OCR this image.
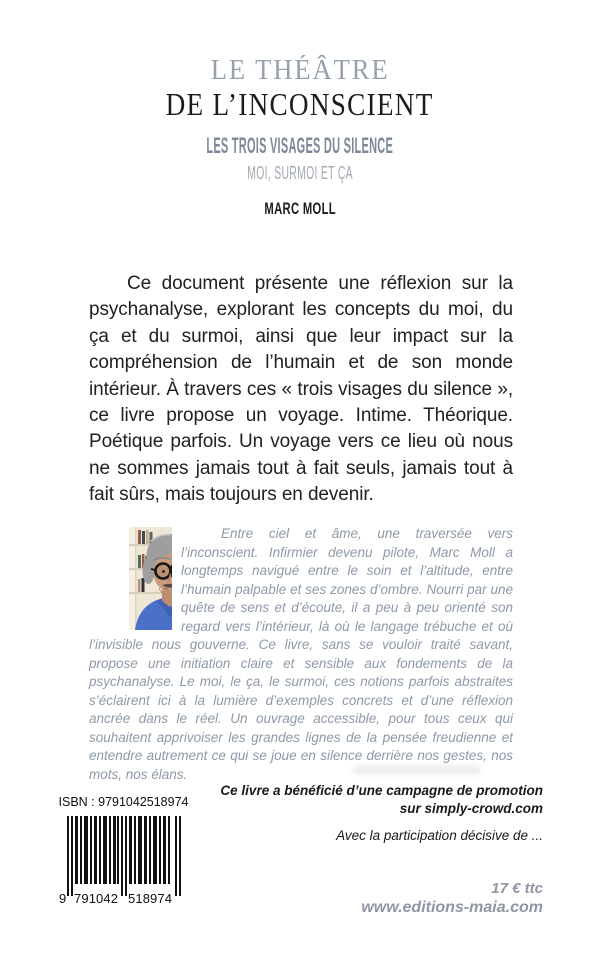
LE THÉÂTRE
DE L’INCONSCIENT
LES TROIS VISAGES DU SILENCE
MOI, SURMOI ET ÇA
MARC MOLL

Ce document présente une réflexion sur la psychanalyse, explorant les concepts du moi, du ça et du surmoi, ainsi que leur impact sur la compréhension de l’humain et de son monde intérieur. À travers ces « trois visages du silence », ce livre propose un voyage. Intime. Théorique. Poétique parfois. Un voyage vers ce lieu où nous ne sommes jamais tout à fait seuls, jamais tout à fait sûrs, mais toujours en devenir.

Entre ciel et âme, une traversée vers l’inconscient. Infirmier devenu pilote, Marc Moll a longtemps navigué entre le soin et l’altitude, entre l’humain palpable et ses zones d’ombre. Nourri par une quête de sens et d’écoute, il a peu à peu orienté son regard vers l’intérieur, là où le langage trébuche et où l’invisible nous gouverne. Ce livre, sans se vouloir traité savant, propose une initiation claire et sensible aux fondements de la psychanalyse. Le moi, le ça, le surmoi, ces notions parfois abstraites s’éclairent ici à la lumière d’exemples concrets et d’une réflexion ancrée dans le réel. Un ouvrage accessible, pour tous ceux qui souhaitent apprivoiser les grandes lignes de la pensée freudienne et entendre autrement ce qui se joue en silence derrière nos gestes, nos mots, nos élans.
ISBN : 9791042518974
9 791042 518974
Ce livre a bénéficié d’une campagne de promotion
sur simply-crowd.com
Avec la participation décisive de ...
17 € ttc
www.editions-maia.com
